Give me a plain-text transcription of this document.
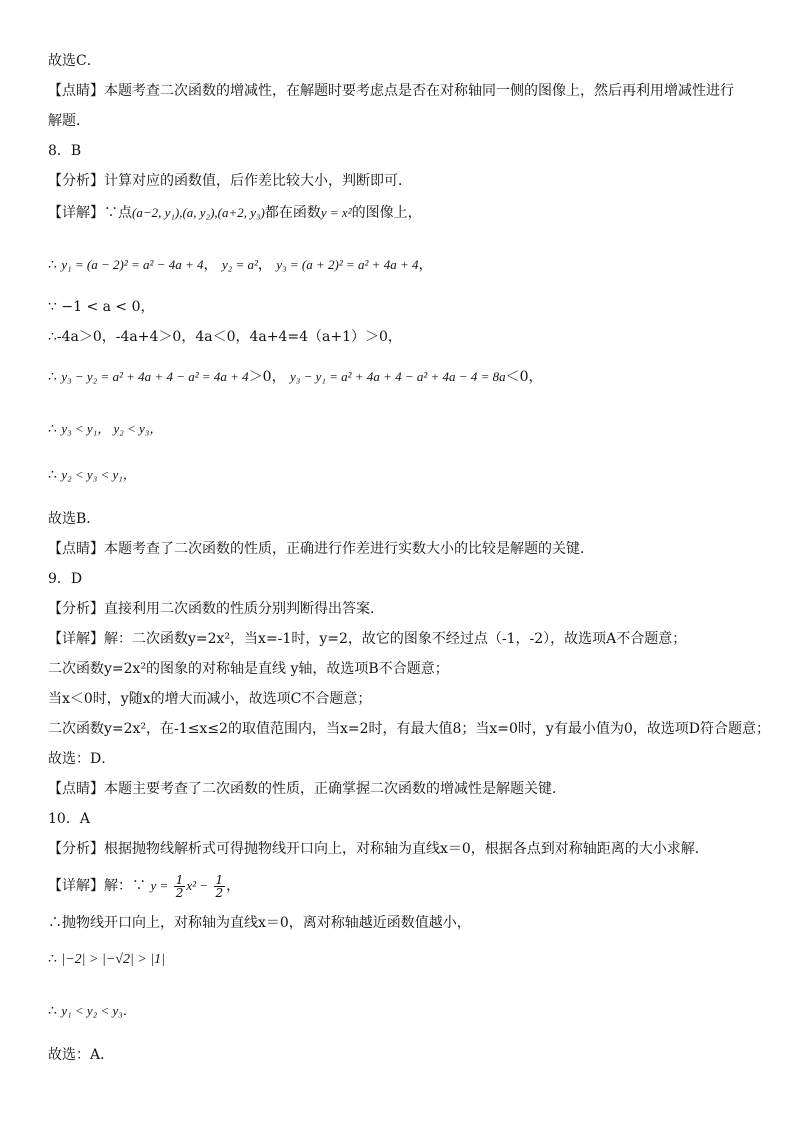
故选C．
【点睛】本题考查二次函数的增减性，在解题时要考虑点是否在对称轴同一侧的图像上，然后再利用增减性进行
解题．
8．B
【分析】计算对应的函数值，后作差比较大小，判断即可．
【详解】∵点(a−2, y₁),(a, y₂),(a+2, y₃)都在函数y = x²的图像上，
∴ y₁ = (a − 2)² = a² − 4a + 4， y₂ = a²， y₃ = (a + 2)² = a² + 4a + 4，
∵ −1 < a < 0，
∴-4a＞0，-4a+4＞0，4a＜0，4a+4=4（a+1）＞0，
∴ y₃ − y₂ = a² + 4a + 4 − a² = 4a + 4＞0， y₃ − y₁ = a² + 4a + 4 − a² + 4a − 4 = 8a＜0，
∴ y₃ < y₁， y₂ < y₃，
∴ y₂ < y₃ < y₁，
故选B．
【点睛】本题考查了二次函数的性质，正确进行作差进行实数大小的比较是解题的关键．
9．D
【分析】直接利用二次函数的性质分别判断得出答案．
【详解】解：二次函数y=2x²，当x=-1时，y=2，故它的图象不经过点（-1，-2），故选项A不合题意；
二次函数y=2x²的图象的对称轴是直线 y轴，故选项B不合题意；
当x＜0时，y随x的增大而减小，故选项C不合题意；
二次函数y=2x²，在-1≤x≤2的取值范围内，当x=2时，有最大值8；当x=0时，y有最小值为0，故选项D符合题意；
故选：D．
【点睛】本题主要考查了二次函数的性质，正确掌握二次函数的增减性是解题关键．
10．A
【分析】根据抛物线解析式可得抛物线开口向上，对称轴为直线x＝0，根据各点到对称轴距离的大小求解．
【详解】解：∵ $y = \frac{1}{2} x^2 - \frac{1}{2}$ ，
∴抛物线开口向上，对称轴为直线x＝0，离对称轴越近函数值越小，
∴ |−2| > |−√2| > |1|
∴ y₁ < y₂ < y₃．
故选：A．
